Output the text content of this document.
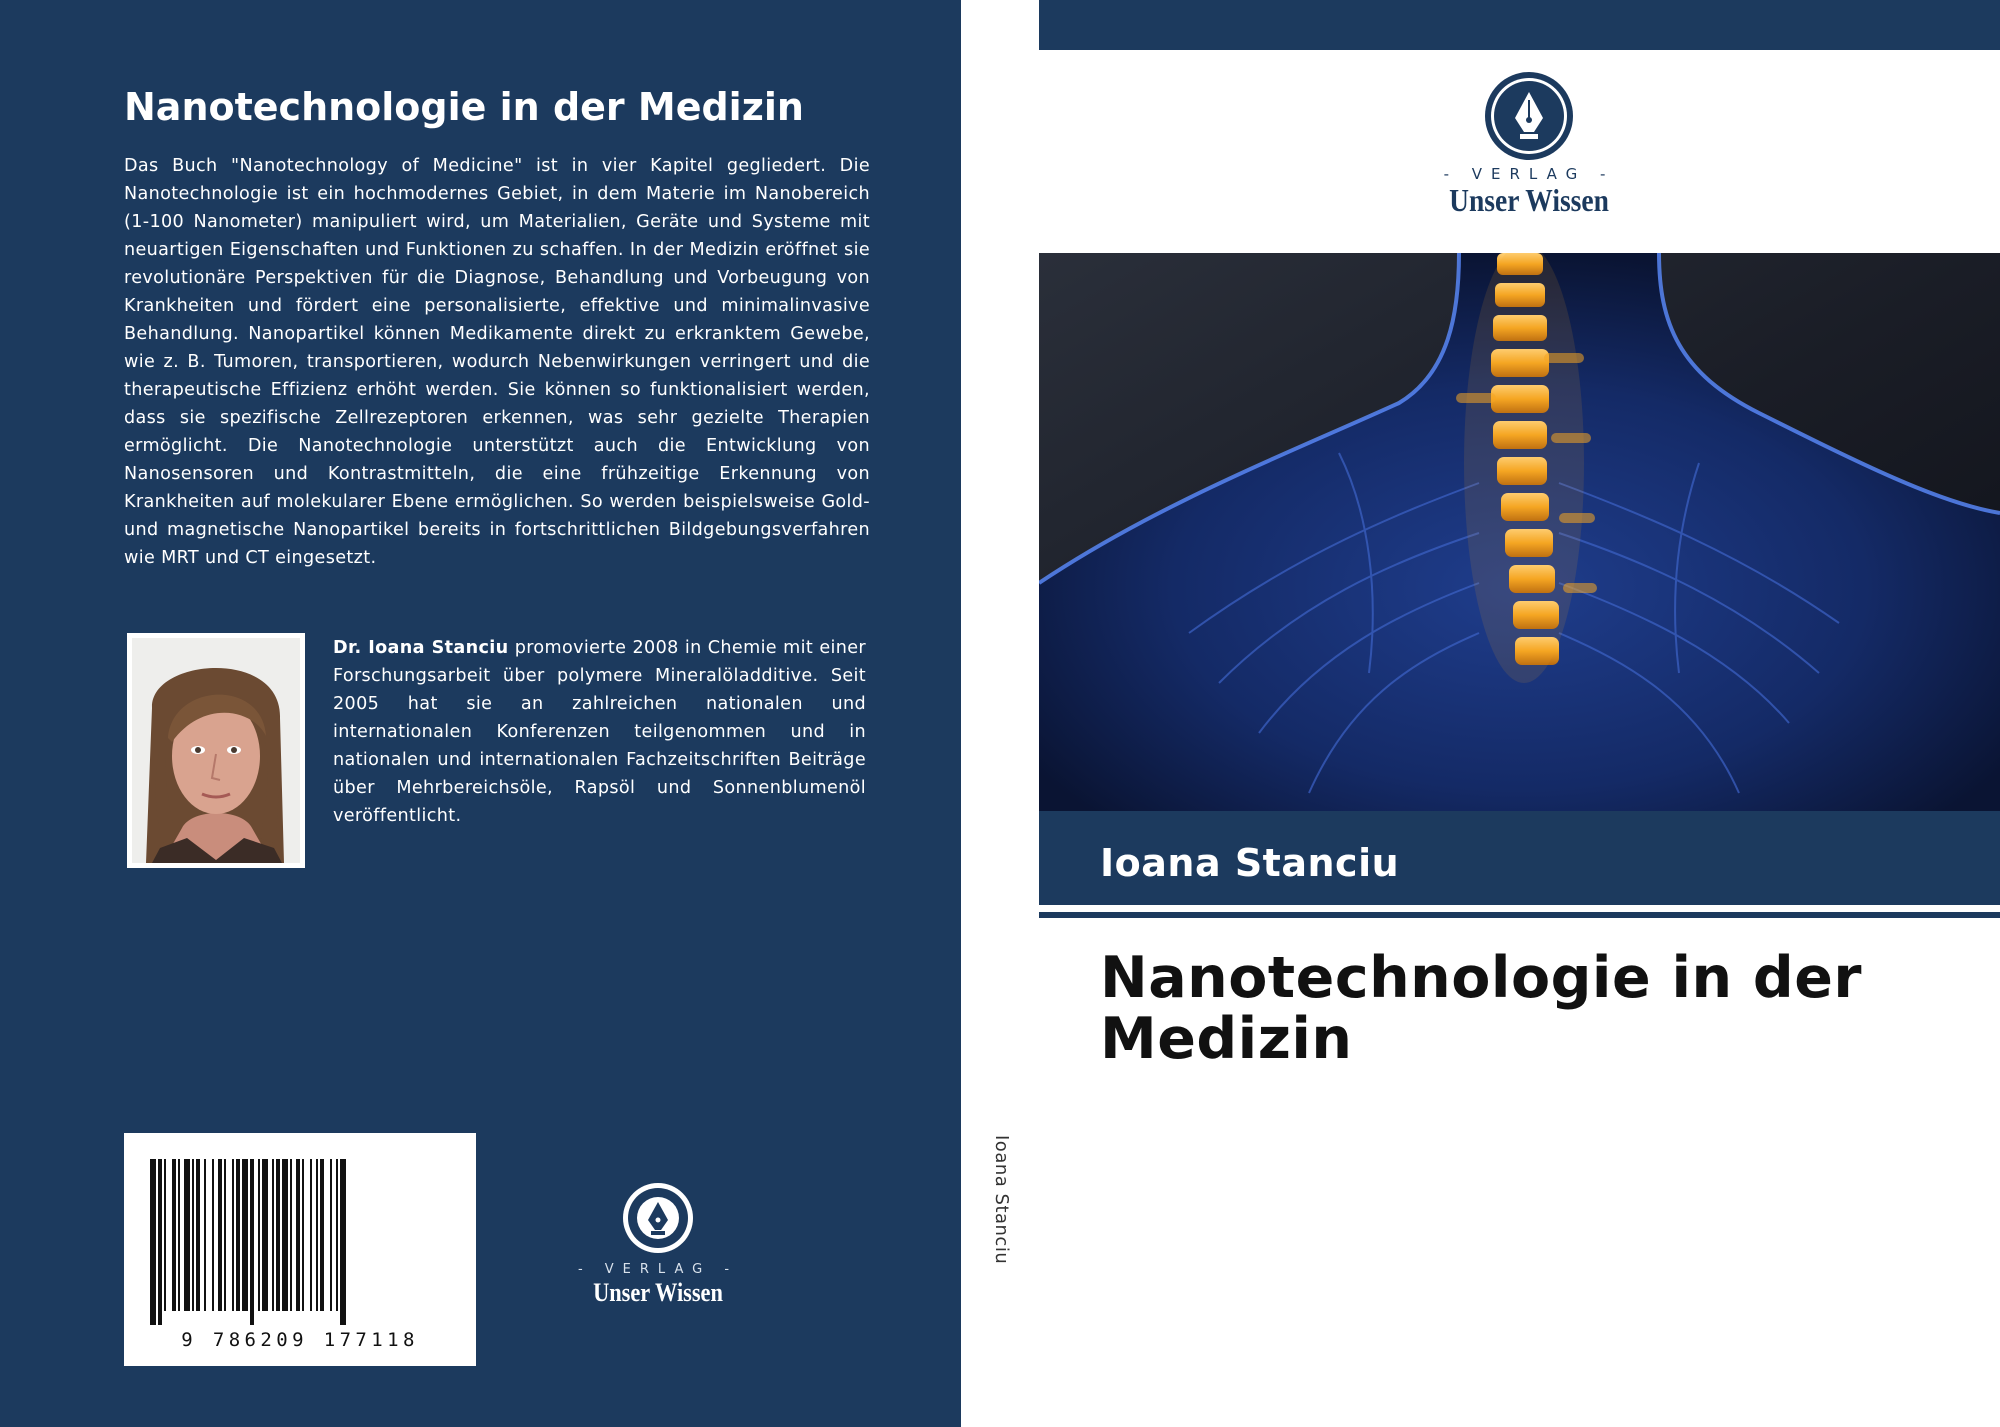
Nanotechnologie in der Medizin
Das Buch "Nanotechnology of Medicine" ist in vier Kapitel gegliedert. Die Nanotechnologie ist ein hochmodernes Gebiet, in dem Materie im Nanobereich (1-100 Nanometer) manipuliert wird, um Materialien, Geräte und Systeme mit neuartigen Eigenschaften und Funktionen zu schaffen. In der Medizin eröffnet sie revolutionäre Perspektiven für die Diagnose, Behandlung und Vorbeugung von Krankheiten und fördert eine personalisierte, effektive und minimalinvasive Behandlung. Nanopartikel können Medikamente direkt zu erkranktem Gewebe, wie z. B. Tumoren, transportieren, wodurch Nebenwirkungen verringert und die therapeutische Effizienz erhöht werden. Sie können so funktionalisiert werden, dass sie spezifische Zellrezeptoren erkennen, was sehr gezielte Therapien ermöglicht. Die Nanotechnologie unterstützt auch die Entwicklung von Nanosensoren und Kontrastmitteln, die eine frühzeitige Erkennung von Krankheiten auf molekularer Ebene ermöglichen. So werden beispielsweise Gold- und magnetische Nanopartikel bereits in fortschrittlichen Bildgebungsverfahren wie MRT und CT eingesetzt.
Dr. Ioana Stanciu promovierte 2008 in Chemie mit einer Forschungsarbeit über polymere Mineralöladditive. Seit 2005 hat sie an zahlreichen nationalen und internationalen Konferenzen teilgenommen und in nationalen und internationalen Fachzeitschriften Beiträge über Mehrbereichsöle, Rapsöl und Sonnenblumenöl veröffentlicht.
9 786209 177118
- VERLAG -
Unser Wissen
Ioana Stanciu
- VERLAG -
Unser Wissen
Ioana Stanciu
Nanotechnologie in der Medizin
